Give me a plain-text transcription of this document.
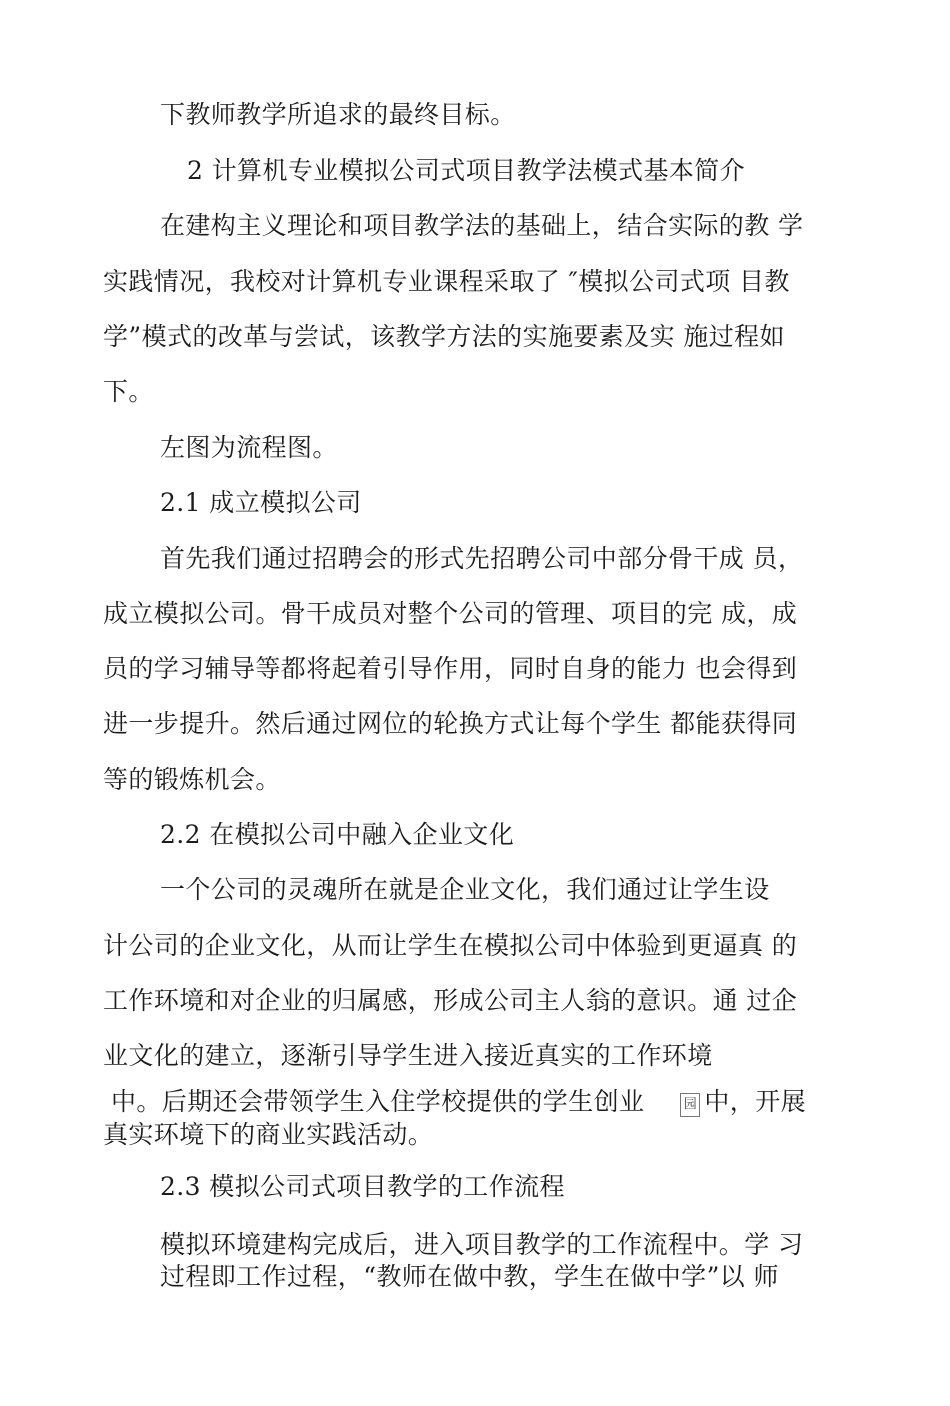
下教师教学所追求的最终目标。

2 计算机专业模拟公司式项目教学法模式基本简介

在建构主义理论和项目教学法的基础上，结合实际的教 学

实践情况，我校对计算机专业课程采取了 ″模拟公司式项 目教

学”模式的改革与尝试，该教学方法的实施要素及实 施过程如

下。

左图为流程图。

2.1 成立模拟公司

首先我们通过招聘会的形式先招聘公司中部分骨干成 员，

成立模拟公司。骨干成员对整个公司的管理、项目的完 成，成

员的学习辅导等都将起着引导作用，同时自身的能力 也会得到

进一步提升。然后通过网位的轮换方式让每个学生 都能获得同

等的锻炼机会。

2.2 在模拟公司中融入企业文化

一个公司的灵魂所在就是企业文化，我们通过让学生设

计公司的企业文化，从而让学生在模拟公司中体验到更逼真 的

工作环境和对企业的归属感，形成公司主人翁的意识。通 过企

业文化的建立，逐渐引导学生进入接近真实的工作环境

中。后期还会带领学生入住学校提供的学生创业	园 中，开展

真实环境下的商业实践活动。

2.3 模拟公司式项目教学的工作流程

模拟环境建构完成后，进入项目教学的工作流程中。学 习

过程即工作过程，“教师在做中教，学生在做中学”以 师
